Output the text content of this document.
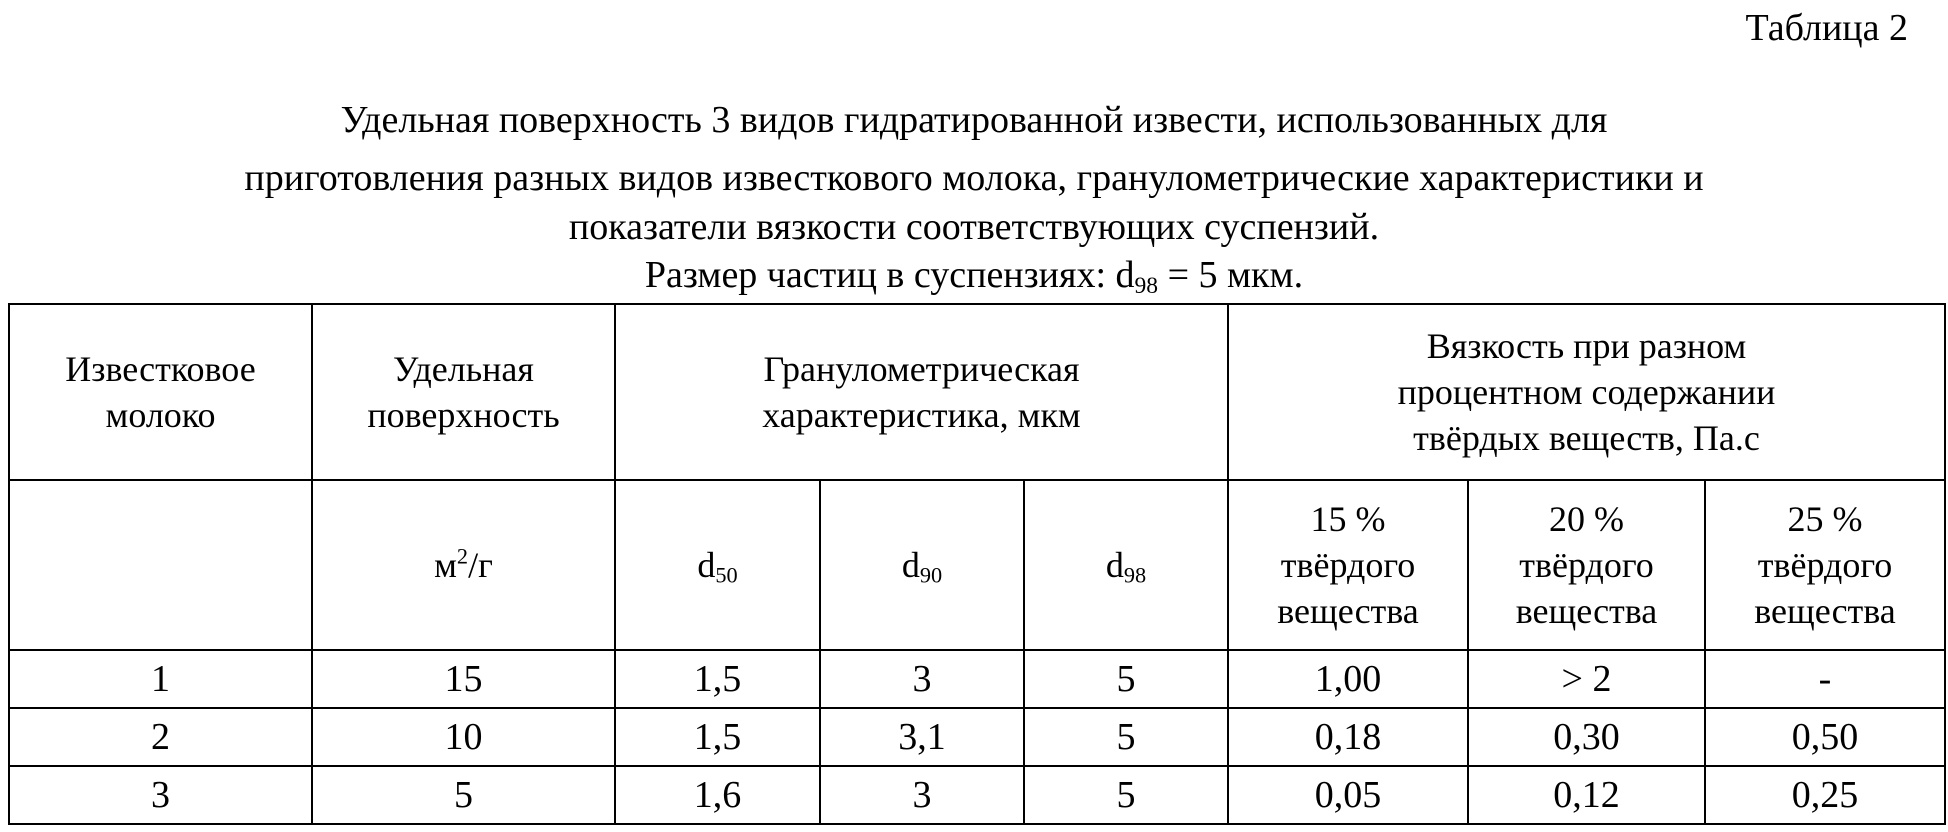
Таблица 2
Удельная поверхность 3 видов гидратированной извести, использованных для
приготовления разных видов известкового молока, гранулометрические характеристики и
показатели вязкости соответствующих суспензий.
Размер частиц в суспензиях: $d_{98} = 5$ мкм.
Известковое
молоко	Удельная
поверхность	Гранулометрическая
характеристика, мкм			Вязкость при разном
процентном содержании
твёрдых веществ, Па.с		

	$м^2/г$	$d_{50}$	$d_{90}$	$d_{98}$	15 %
твёрдого
вещества	20 %
твёрдого
вещества	25 %
твёрдого
вещества

1	15	1,5	3	5	1,00	> 2	-
2	10	1,5	3,1	5	0,18	0,30	0,50
3	5	1,6	3	5	0,05	0,12	0,25
